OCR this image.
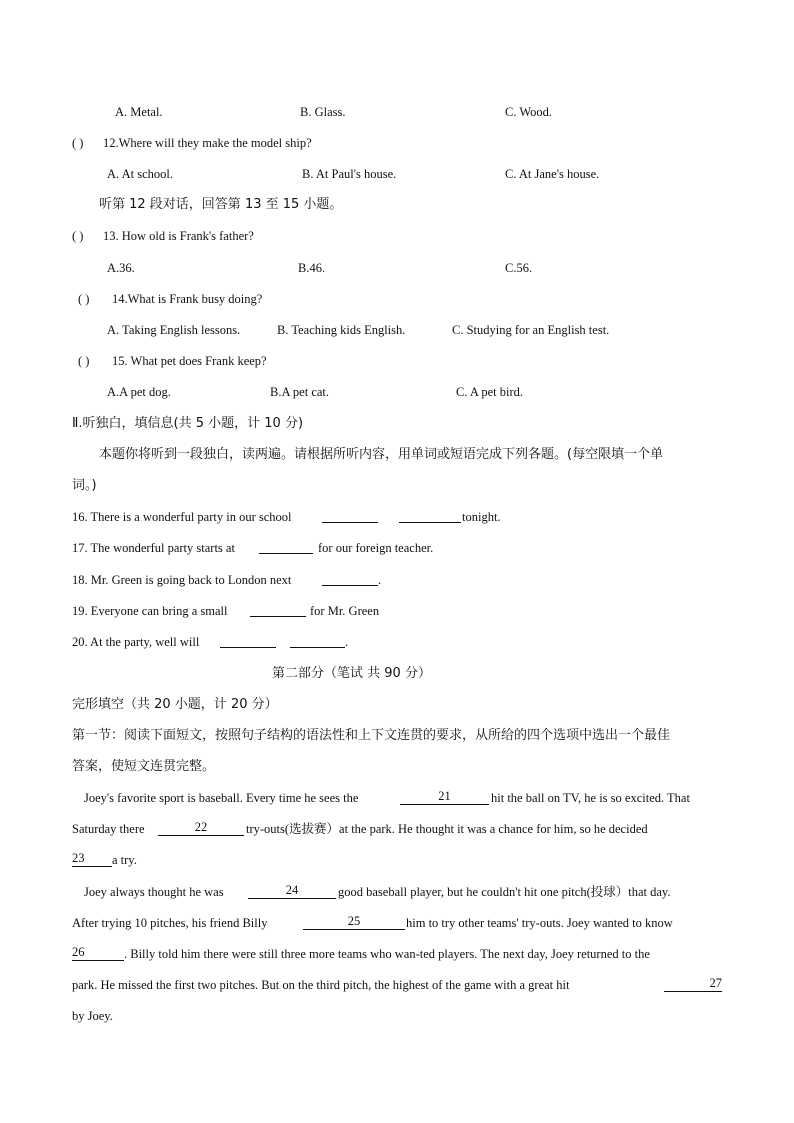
A. Metal.	B. Glass.	C. Wood.
( ) 12.Where will they make the model ship?
A. At school.	B. At Paul's house.	C. At Jane's house.
听第 12 段对话，回答第 13 至 15 小题。
( ) 13. How old is Frank's father?
A.36.	B.46.	C.56.
( ) 14.What is Frank busy doing?
A. Taking English lessons.	B. Teaching kids English.	C. Studying for an English test.
( ) 15. What pet does Frank keep?
A.A pet dog.	B.A pet cat.	C. A pet bird.
Ⅱ.听独白，填信息(共 5 小题，计 10 分)
本题你将听到一段独白，读两遍。请根据所听内容，用单词或短语完成下列各题。(每空限填一个单
词。)
16. There is a wonderful party in our school	tonight.
17. The wonderful party starts at	for our foreign teacher.
18. Mr. Green is going back to London next	.
19. Everyone can bring a small	for Mr. Green
20. At the party, well will	.
第二部分（笔试 共 90 分）
完形填空（共 20 小题，计 20 分）
第一节：阅读下面短文，按照句子结构的语法性和上下文连贯的要求，从所给的四个选项中选出一个最佳
答案，使短文连贯完整。
Joey's favorite sport is baseball. Every time he sees the	21	hit the ball on TV, he is so excited. That
Saturday there	22	try-outs(选拔赛）at the park. He thought it was a chance for him, so he decided
23	a try.
Joey always thought he was	24	good baseball player, but he couldn't hit one pitch(投球）that day.
After trying 10 pitches, his friend Billy	25	him to try other teams' try-outs. Joey wanted to know
26	. Billy told him there were still three more teams who wan-ted players. The next day, Joey returned to the
park. He missed the first two pitches. But on the third pitch, the highest of the game with a great hit	27
by Joey.
